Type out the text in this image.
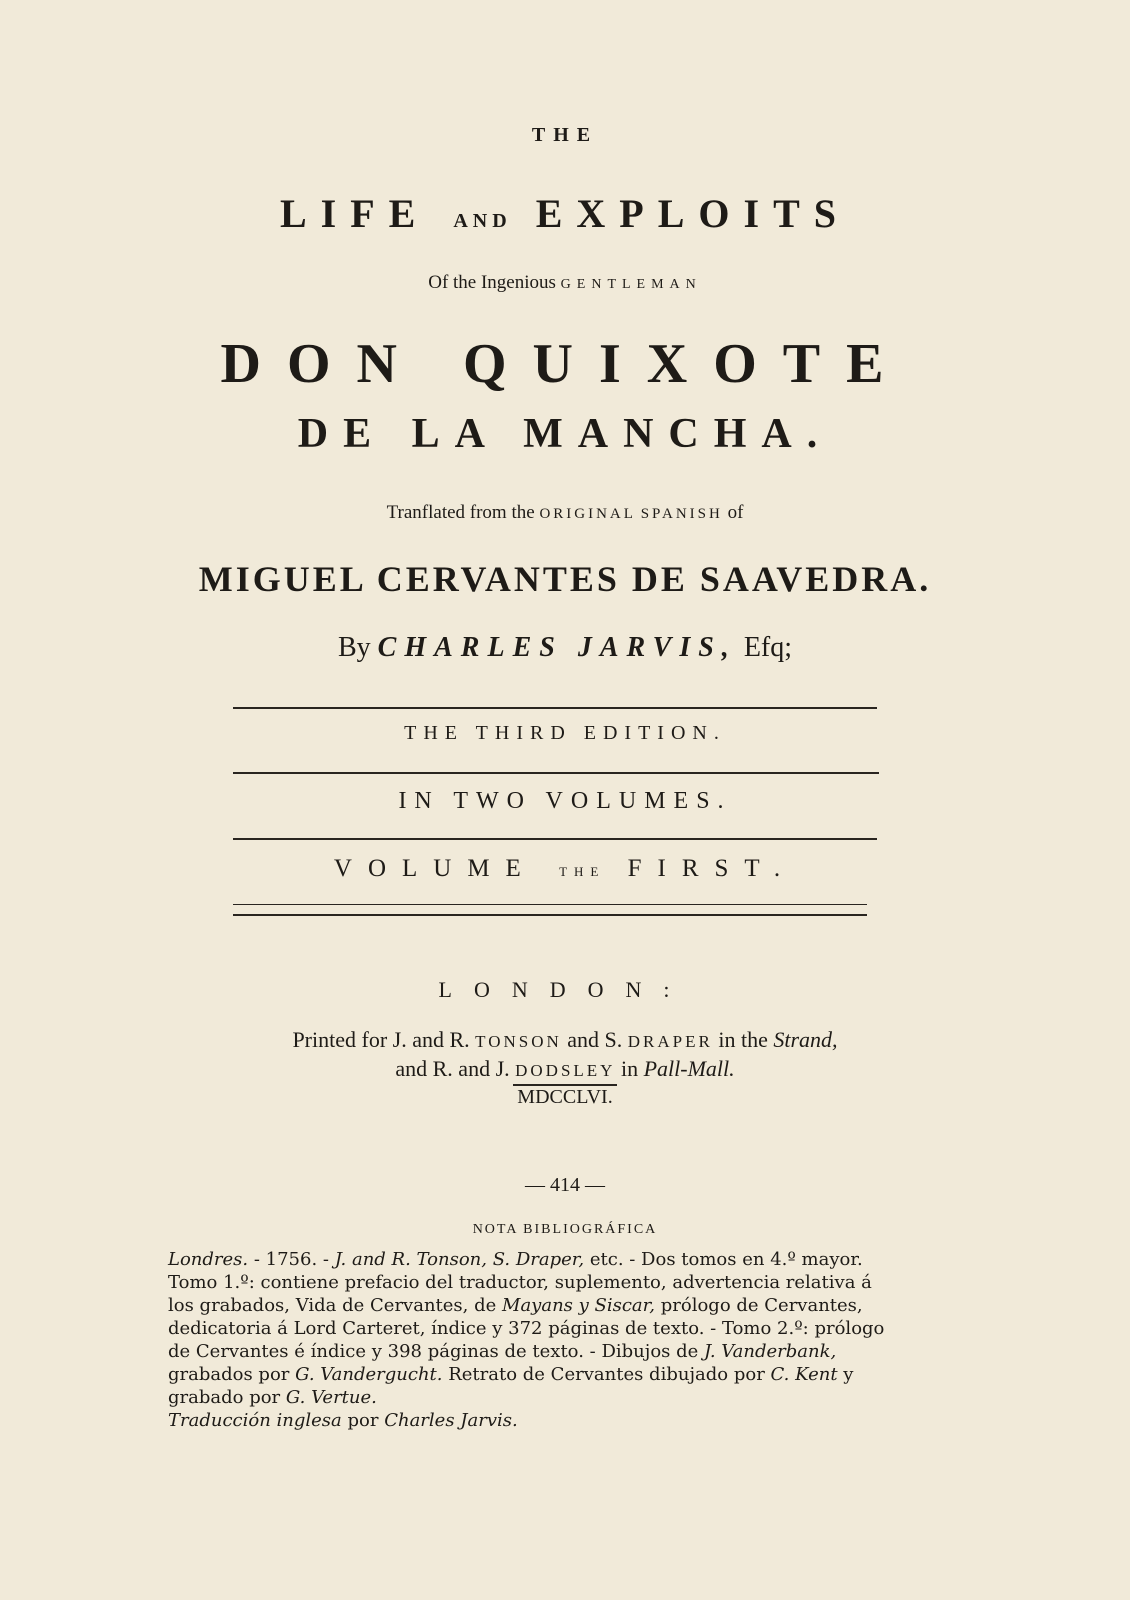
THE
LIFE AND EXPLOITS
Of the Ingenious GENTLEMAN
DON QUIXOTE
DE LA MANCHA.
Tranflated from the ORIGINAL SPANISH of
MIGUEL CERVANTES DE SAAVEDRA.
By CHARLES JARVIS, Efq;
THE THIRD EDITION.
IN TWO VOLUMES.
VOLUME THE FIRST.
LONDON:
Printed for J. and R. TONSON and S. DRAPER in the Strand,
and R. and J. DODSLEY in Pall-Mall.
MDCCLVI.
— 414 —
NOTA BIBLIOGRÁFICA
Londres. - 1756. - J. and R. Tonson, S. Draper, etc. - Dos tomos en 4.º mayor.
Tomo 1.º: contiene prefacio del traductor, suplemento, advertencia relativa á
los grabados, Vida de Cervantes, de Mayans y Siscar, prólogo de Cervantes,
dedicatoria á Lord Carteret, índice y 372 páginas de texto. - Tomo 2.º: prólogo
de Cervantes é índice y 398 páginas de texto. - Dibujos de J. Vanderbank,
grabados por G. Vandergucht. Retrato de Cervantes dibujado por C. Kent y
grabado por G. Vertue.
Traducción inglesa por Charles Jarvis.
